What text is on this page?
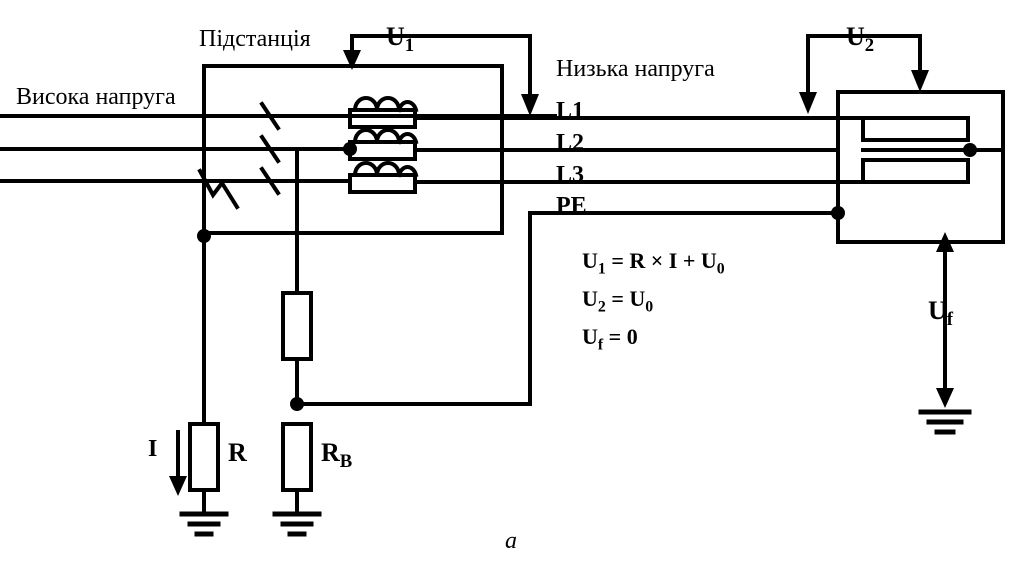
Підстанція
Висока напруга
Низька напруга
$U_1$	$U_2$
$U_f$
L1
L2
L3
PE
I	R	$R_В$
$U_1 = R \times I + U_0$
$U_2 = U_0$
$U_f = 0$
а
